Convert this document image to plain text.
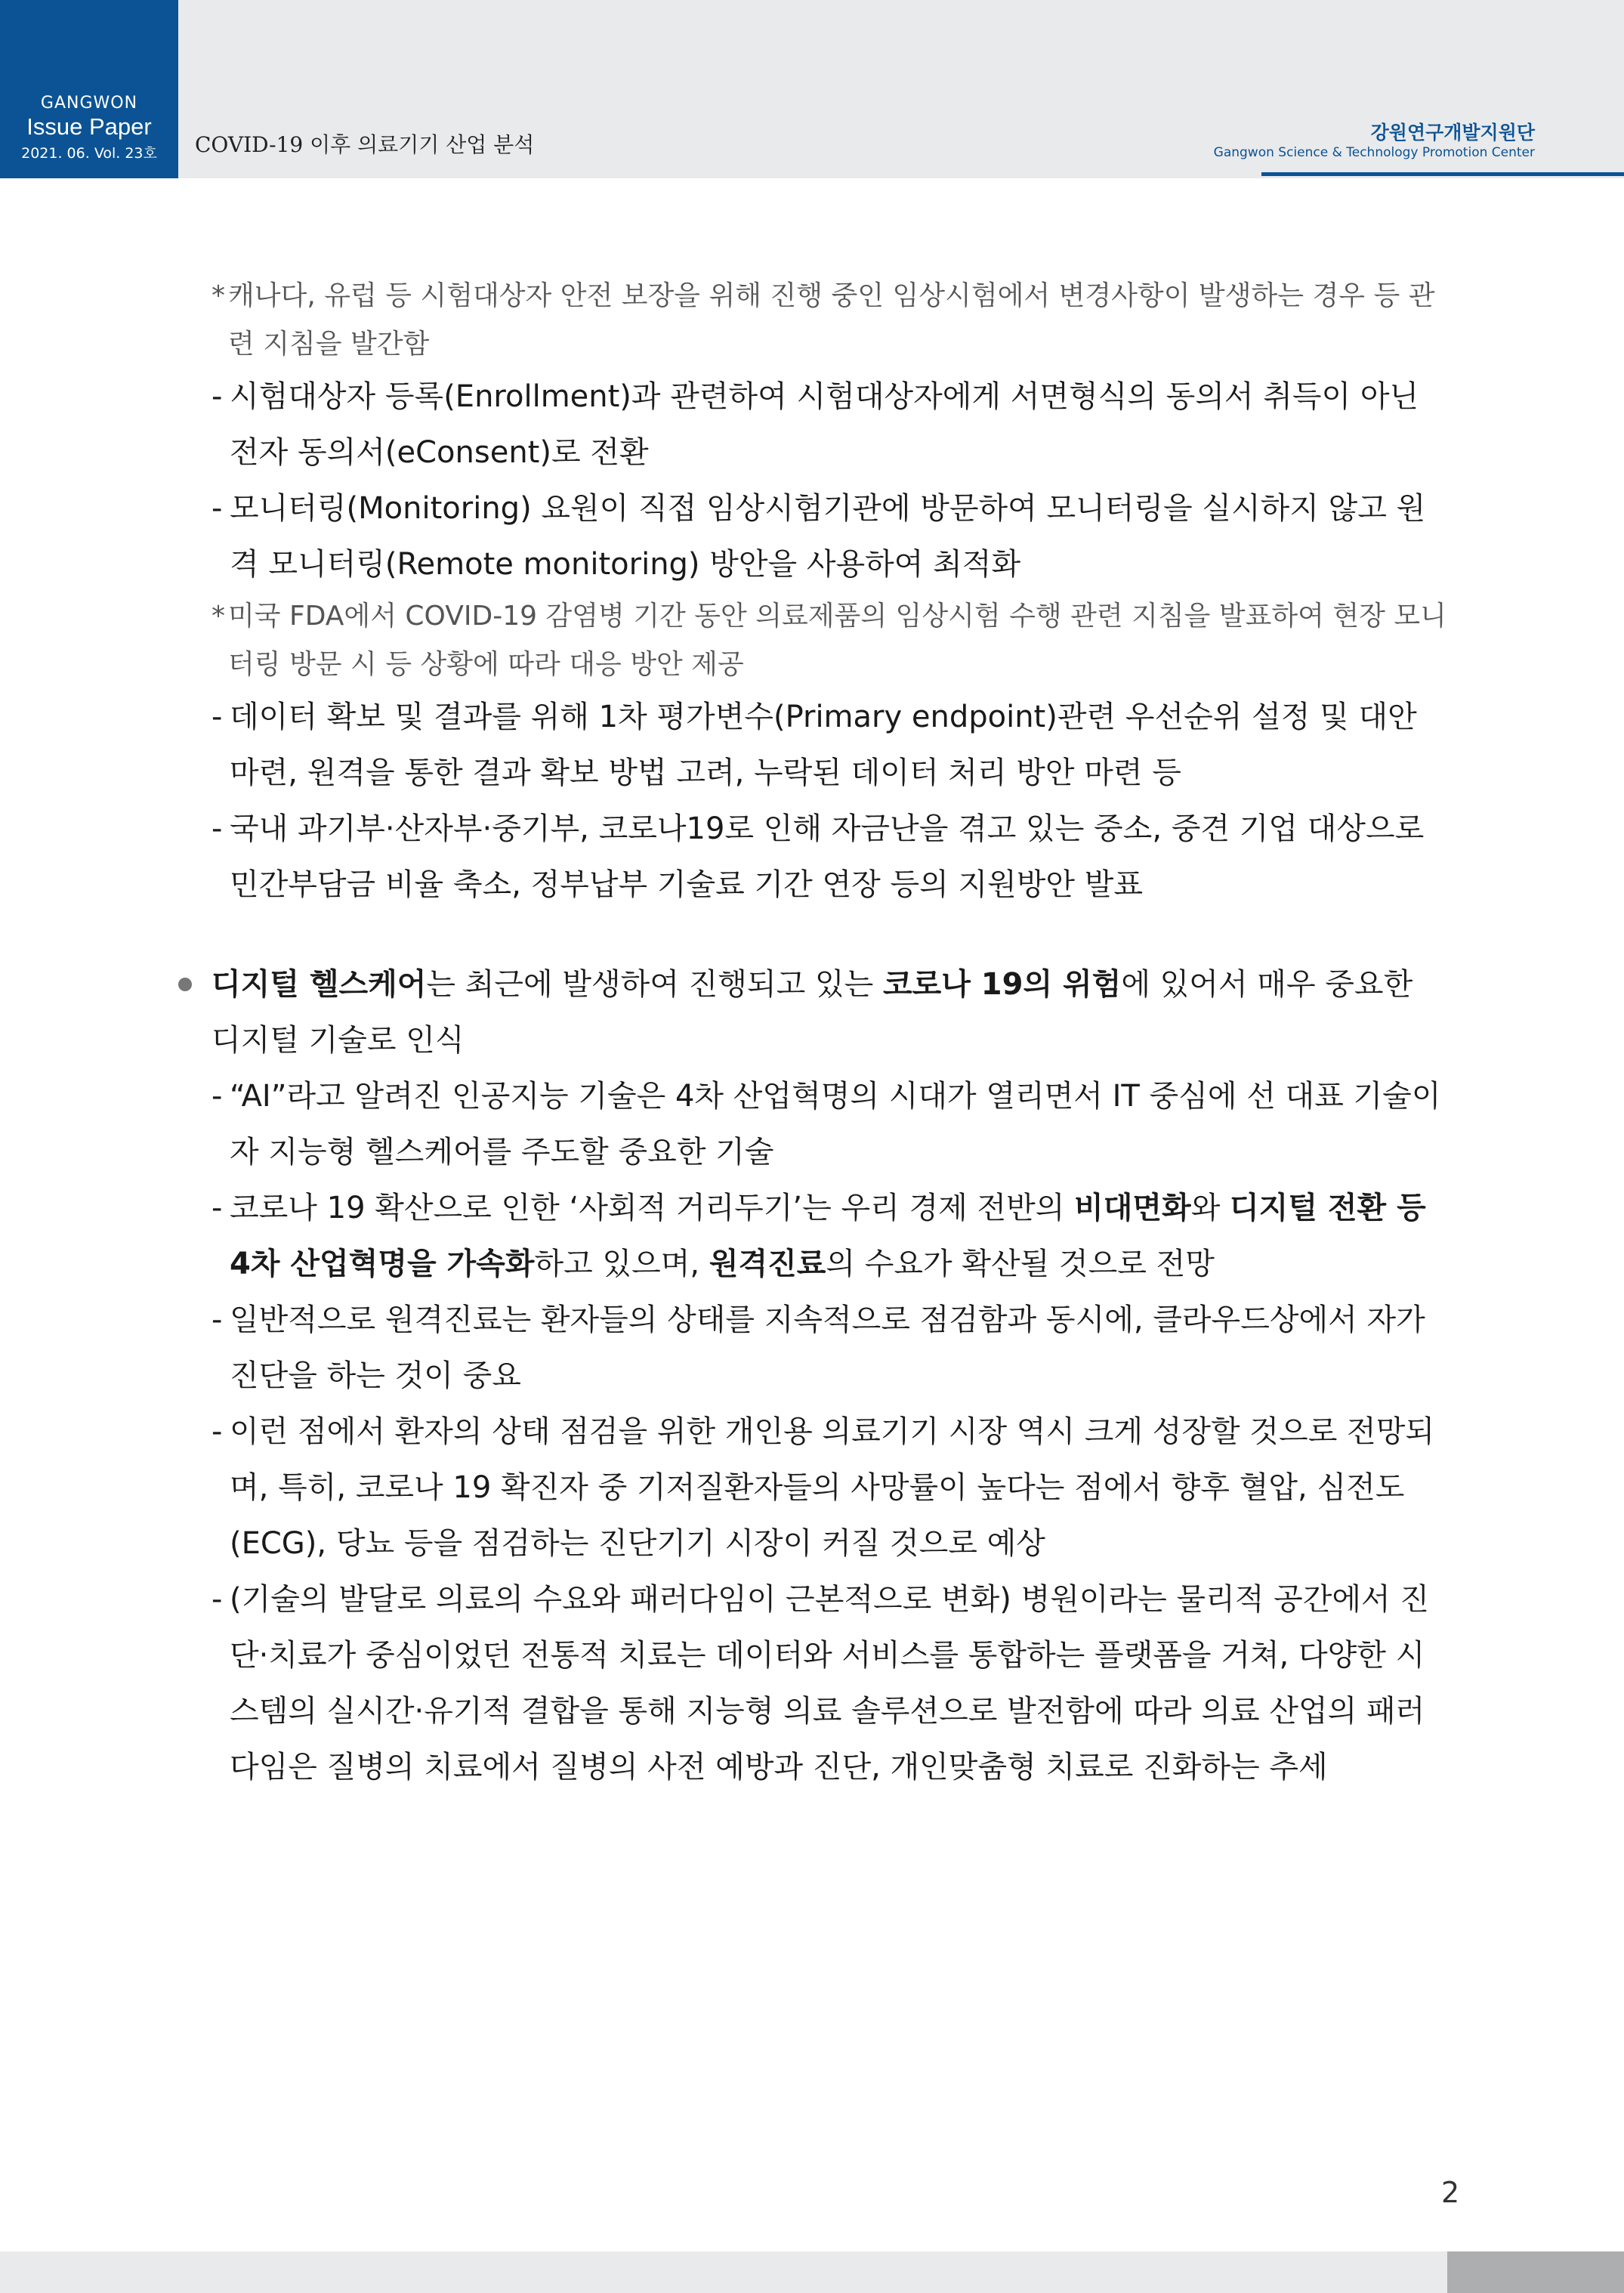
GANGWON
Issue Paper
2021. 06. Vol. 23호	COVID-19 이후 의료기기 산업 분석	강원연구개발지원단
Gangwon Science & Technology Promotion Center
* 캐나다, 유럽 등 시험대상자 안전 보장을 위해 진행 중인 임상시험에서 변경사항이 발생하는 경우 등 관련 지침을 발간함
- 시험대상자 등록(Enrollment)과 관련하여 시험대상자에게 서면형식의 동의서 취득이 아닌 전자 동의서(eConsent)로 전환
- 모니터링(Monitoring) 요원이 직접 임상시험기관에 방문하여 모니터링을 실시하지 않고 원격 모니터링(Remote monitoring) 방안을 사용하여 최적화
* 미국 FDA에서 COVID-19 감염병 기간 동안 의료제품의 임상시험 수행 관련 지침을 발표하여 현장 모니터링 방문 시 등 상황에 따라 대응 방안 제공
- 데이터 확보 및 결과를 위해 1차 평가변수(Primary endpoint)관련 우선순위 설정 및 대안 마련, 원격을 통한 결과 확보 방법 고려, 누락된 데이터 처리 방안 마련 등
- 국내 과기부·산자부·중기부, 코로나19로 인해 자금난을 겪고 있는 중소, 중견 기업 대상으로 민간부담금 비율 축소, 정부납부 기술료 기간 연장 등의 지원방안 발표
디지털 헬스케어는 최근에 발생하여 진행되고 있는 코로나 19의 위험에 있어서 매우 중요한 디지털 기술로 인식
- “AI”라고 알려진 인공지능 기술은 4차 산업혁명의 시대가 열리면서 IT 중심에 선 대표 기술이자 지능형 헬스케어를 주도할 중요한 기술
- 코로나 19 확산으로 인한 ‘사회적 거리두기’는 우리 경제 전반의 비대면화와 디지털 전환 등 4차 산업혁명을 가속화하고 있으며, 원격진료의 수요가 확산될 것으로 전망
- 일반적으로 원격진료는 환자들의 상태를 지속적으로 점검함과 동시에, 클라우드상에서 자가진단을 하는 것이 중요
- 이런 점에서 환자의 상태 점검을 위한 개인용 의료기기 시장 역시 크게 성장할 것으로 전망되며, 특히, 코로나 19 확진자 중 기저질환자들의 사망률이 높다는 점에서 향후 혈압, 심전도(ECG), 당뇨 등을 점검하는 진단기기 시장이 커질 것으로 예상
- (기술의 발달로 의료의 수요와 패러다임이 근본적으로 변화) 병원이라는 물리적 공간에서 진단·치료가 중심이었던 전통적 치료는 데이터와 서비스를 통합하는 플랫폼을 거쳐, 다양한 시스템의 실시간·유기적 결합을 통해 지능형 의료 솔루션으로 발전함에 따라 의료 산업의 패러다임은 질병의 치료에서 질병의 사전 예방과 진단, 개인맞춤형 치료로 진화하는 추세
2
